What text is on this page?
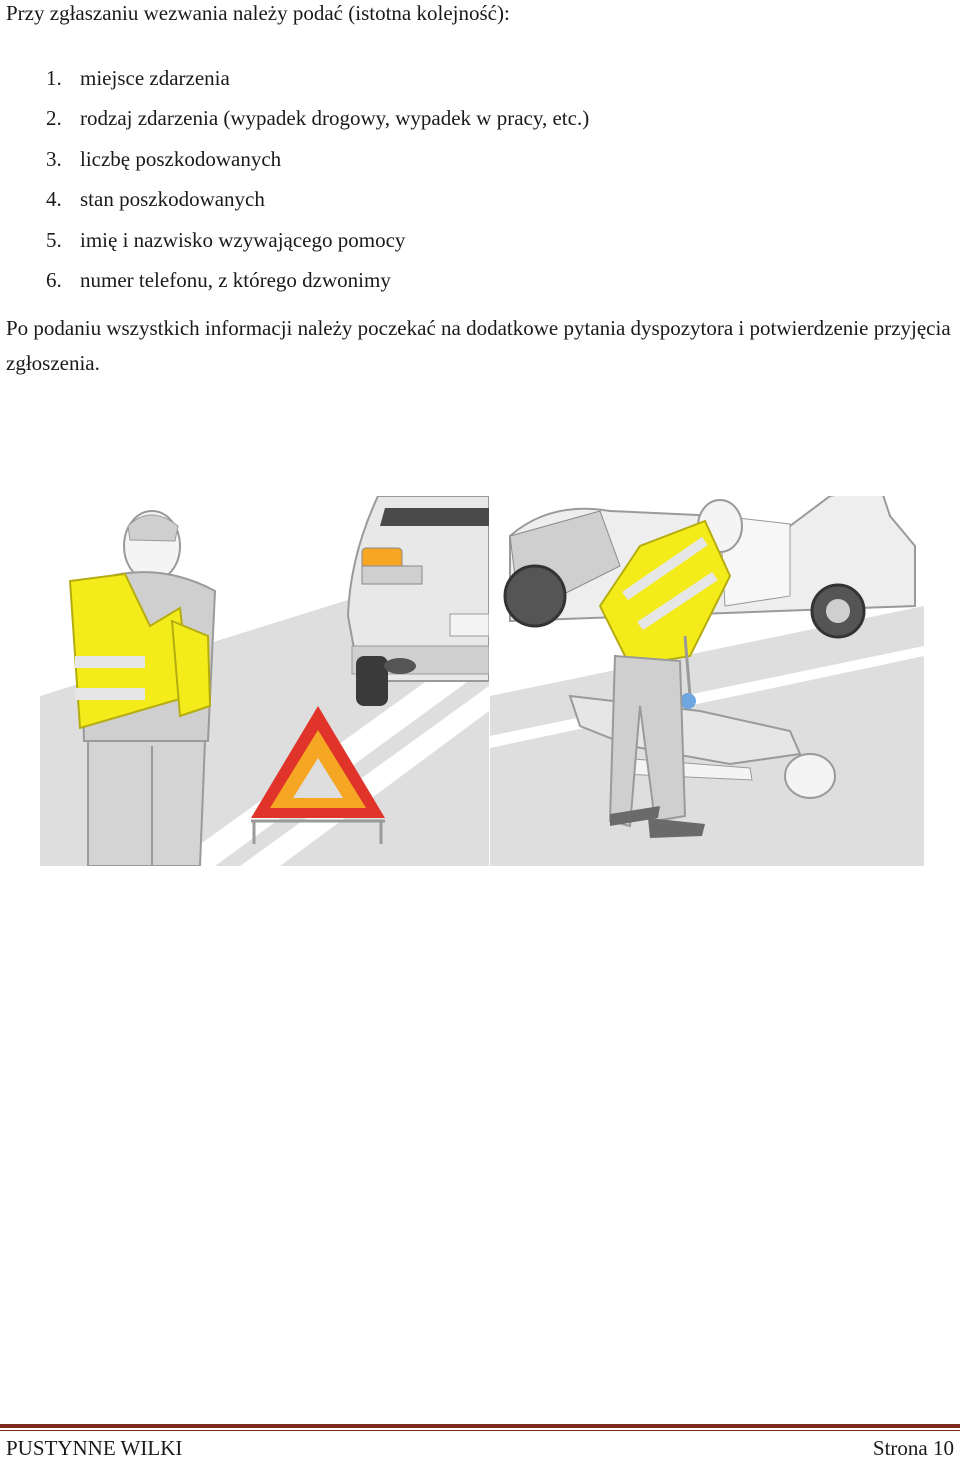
Przy zgłaszaniu wezwania należy podać (istotna kolejność):

1. miejsce zdarzenia
2. rodzaj zdarzenia (wypadek drogowy, wypadek w pracy, etc.)
3. liczbę poszkodowanych
4. stan poszkodowanych
5. imię i nazwisko wzywającego pomocy
6. numer telefonu, z którego dzwonimy

Po podaniu wszystkich informacji należy poczekać na dodatkowe pytania dyspozytora i potwierdzenie przyjęcia zgłoszenia.

PUSTYNNE WILKI	Strona 10
